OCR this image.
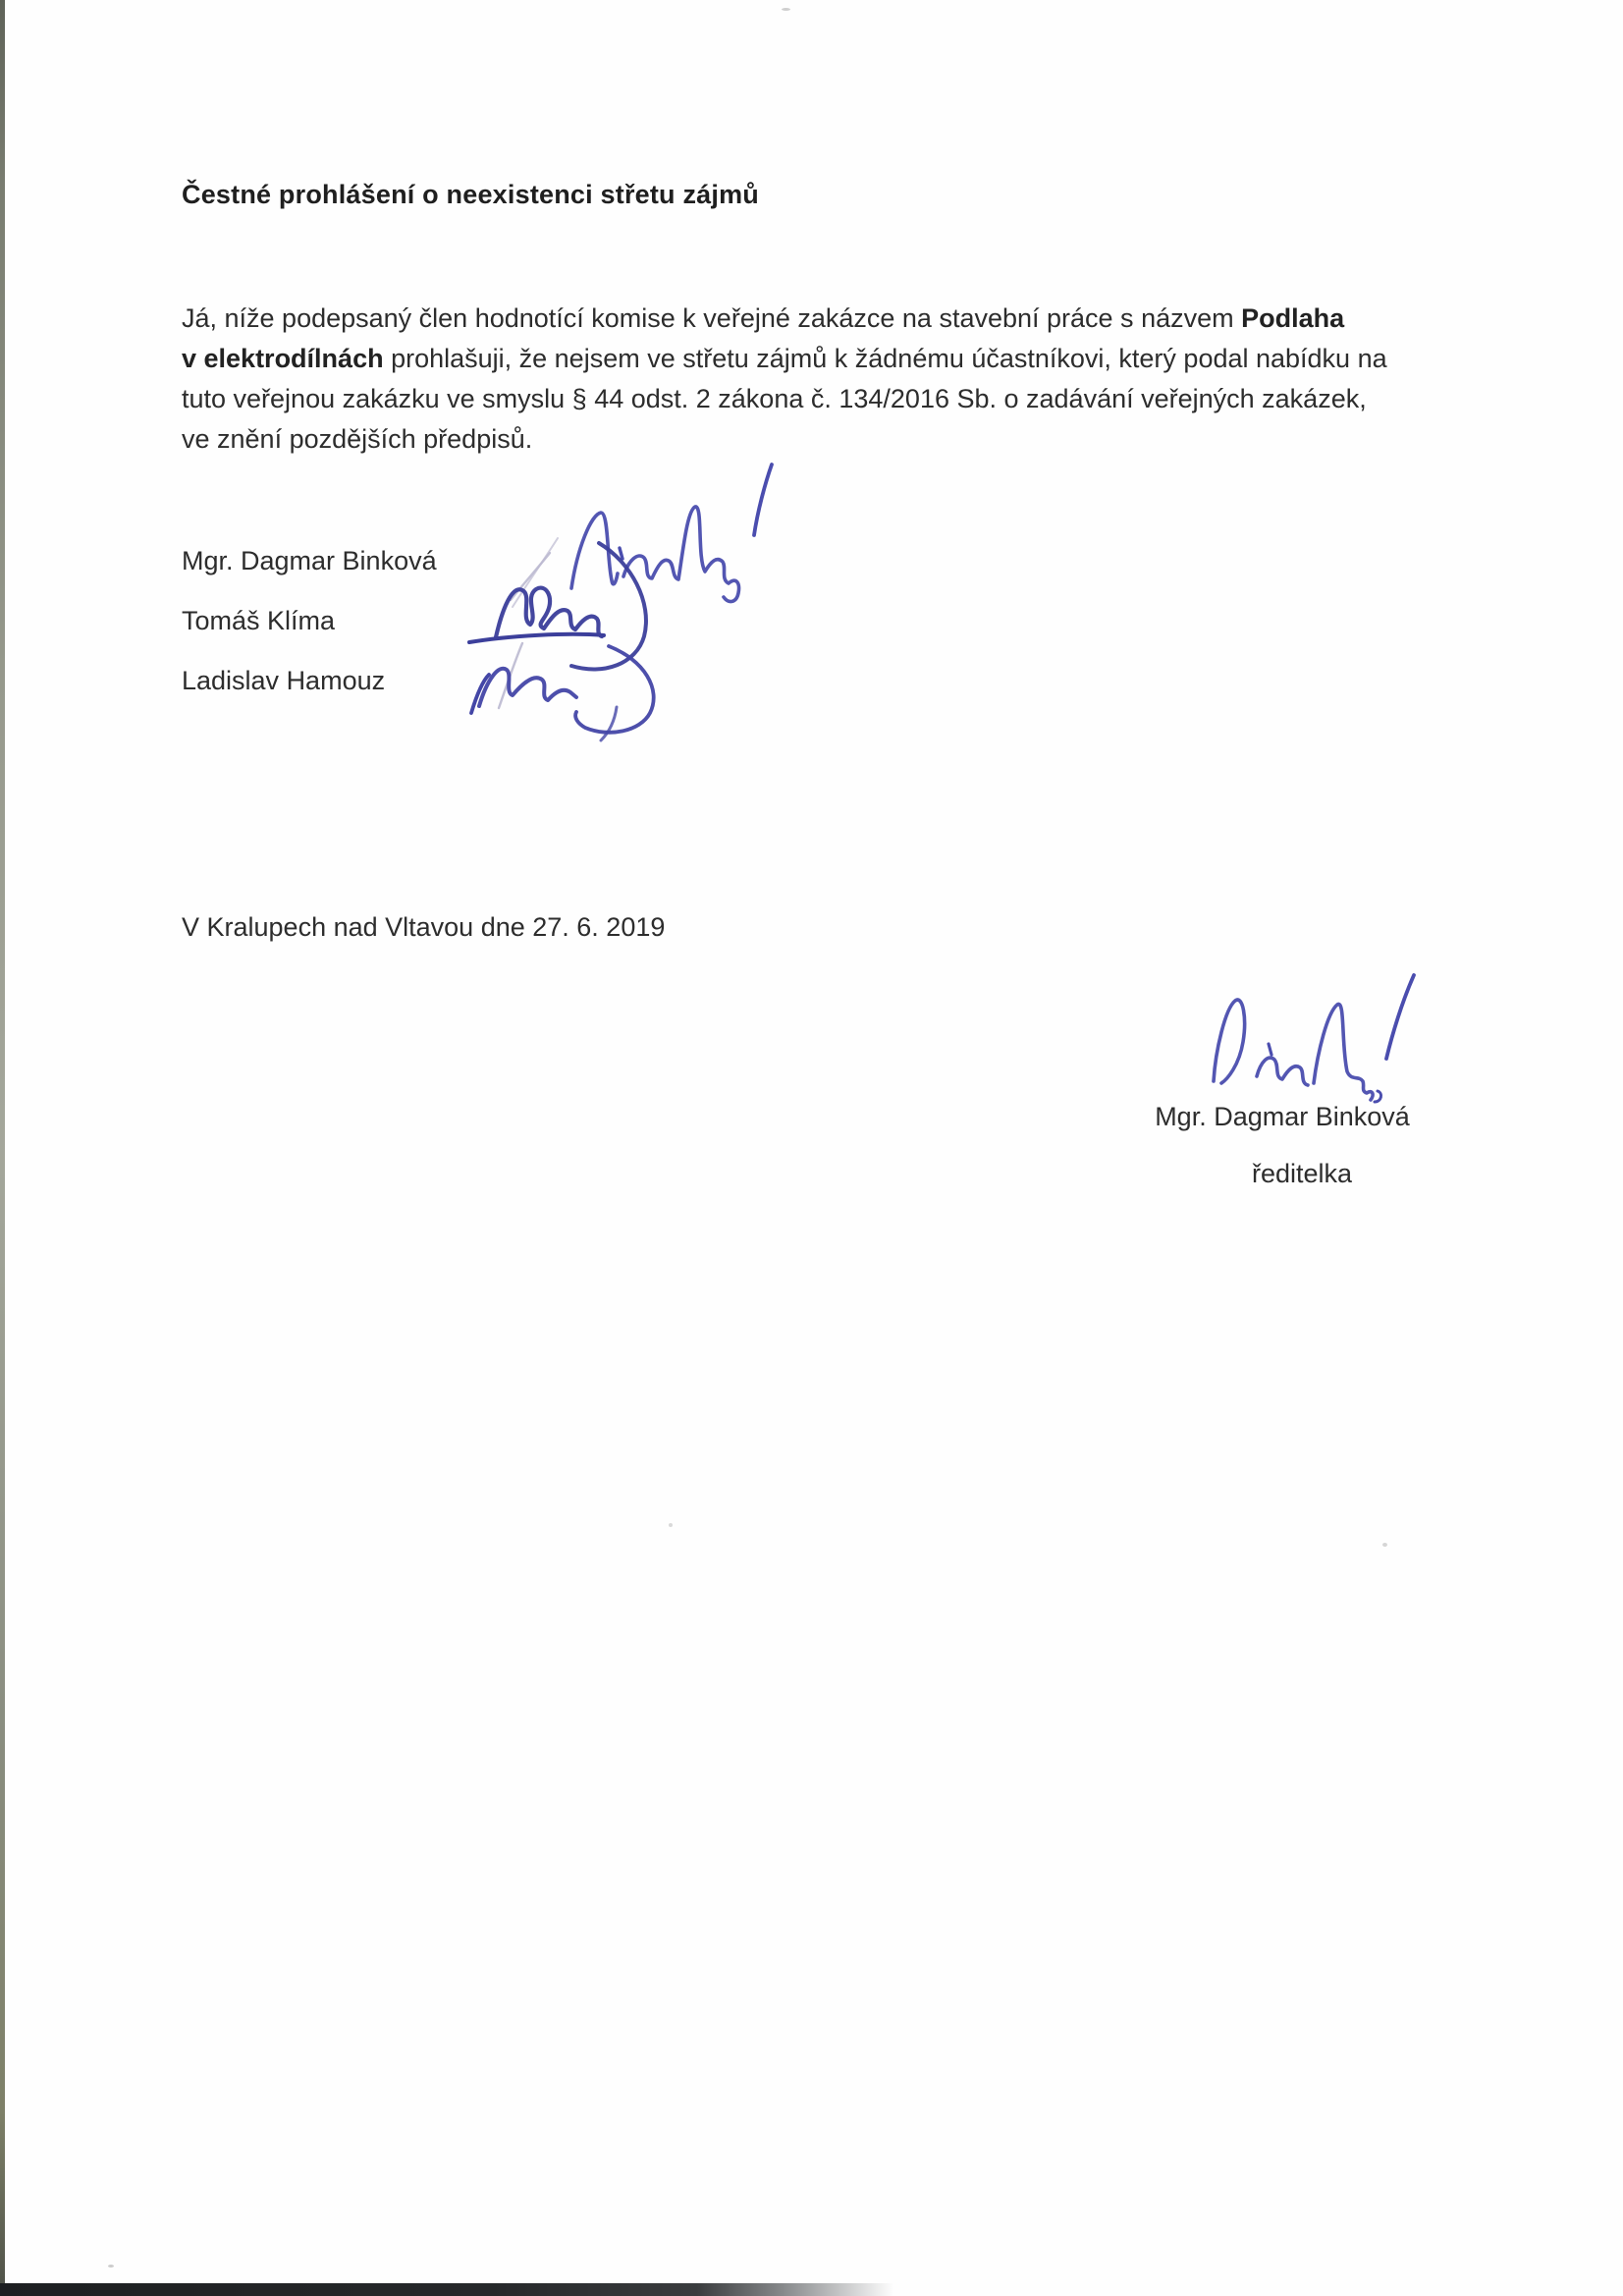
Čestné prohlášení o neexistenci střetu zájmů
Já, níže podepsaný člen hodnotící komise k veřejné zakázce na stavební práce s názvem Podlaha
v elektrodílnách prohlašuji, že nejsem ve střetu zájmů k žádnému účastníkovi, který podal nabídku na
tuto veřejnou zakázku ve smyslu § 44 odst. 2 zákona č. 134/2016 Sb. o zadávání veřejných zakázek,
ve znění pozdějších předpisů.
Mgr. Dagmar Binková
Tomáš Klíma
Ladislav Hamouz
V Kralupech nad Vltavou dne 27. 6. 2019
Mgr. Dagmar Binková
ředitelka
